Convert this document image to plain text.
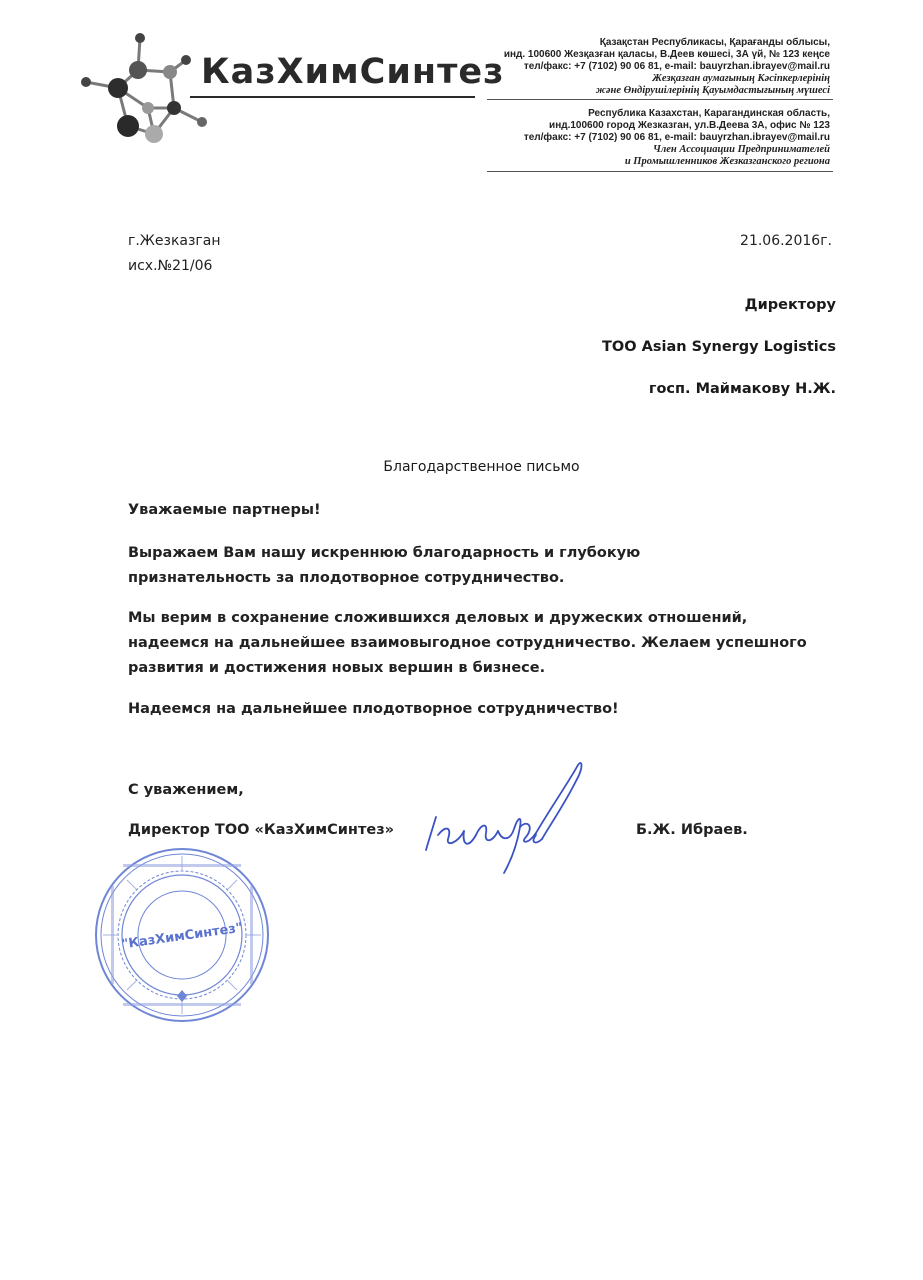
КазХимСинтез
Қазақстан Республикасы, Қарағанды облысы,
инд. 100600 Жезқазған қаласы, В.Деев көшесі, 3А үй, № 123 кеңсе
тел/факс: +7 (7102) 90 06 81, e-mail: bauyrzhan.ibrayev@mail.ru
Жезқазған аумағының Кәсіпкерлерінің
және Өндірушілерінің Қауымдастығының мүшесі
Республика Казахстан, Карагандинская область,
инд.100600 город Жезказган, ул.В.Деева 3А, офис № 123
тел/факс: +7 (7102) 90 06 81, e-mail: bauyrzhan.ibrayev@mail.ru
Член Ассоциации Предпринимателей
и Промышленников Жезказганского региона
г.Жезказган
исх.№21/06
21.06.2016г.
Директору
ТОО Asian Synergy Logistics
госп. Маймакову Н.Ж.
Благодарственное письмо
Уважаемые партнеры!
Выражаем Вам нашу искреннюю благодарность и глубокую признательность за плодотворное сотрудничество.
Мы верим в сохранение сложившихся деловых и дружеских отношений, надеемся на дальнейшее взаимовыгодное сотрудничество. Желаем успешного развития и достижения новых вершин в бизнесе.
Надеемся на дальнейшее плодотворное сотрудничество!
С уважением,
Директор ТОО «КазХимСинтез»	Б.Ж. Ибраев.
"КазХимСинтез"
